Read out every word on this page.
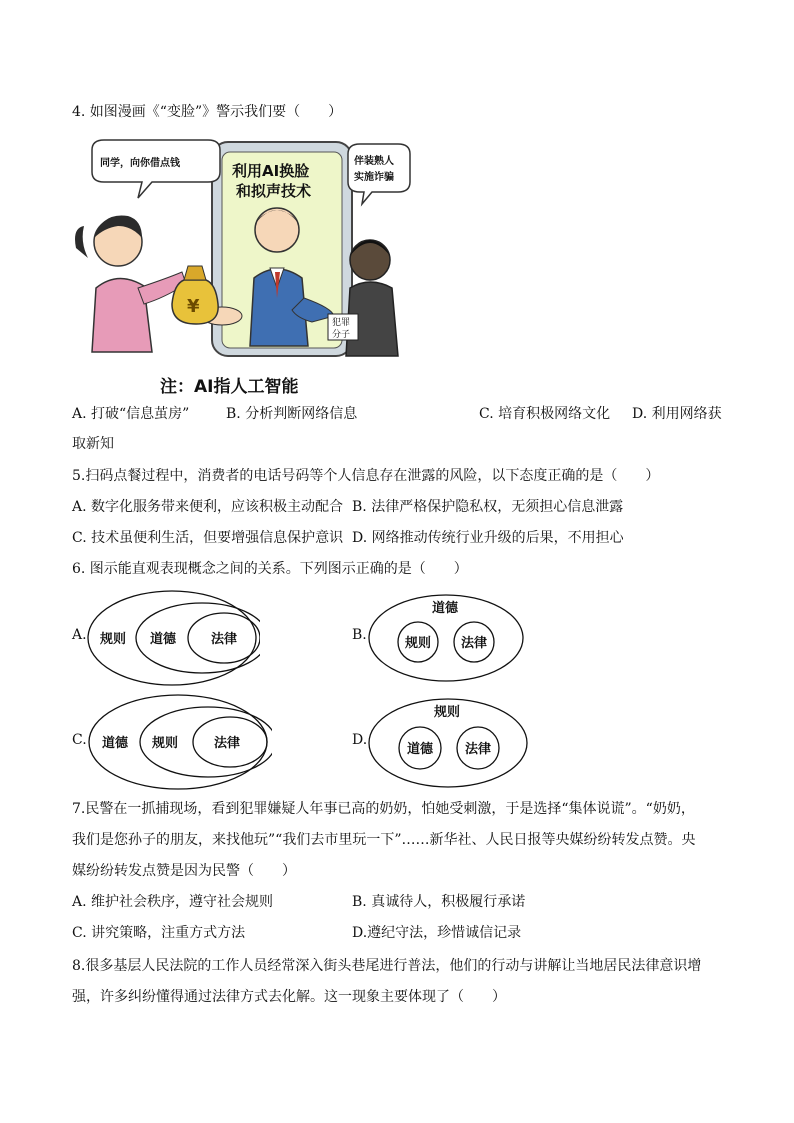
4. 如图漫画《“变脸”》警示我们要（　　）
利用AI换脸
和拟声技术
犯罪
分子
伴装熟人
实施诈骗
同学，向你借点钱
¥
注：AI指人工智能
A. 打破“信息茧房”	B. 分析判断网络信息	C. 培育积极网络文化 D. 利用网络获
取新知
5.扫码点餐过程中，消费者的电话号码等个人信息存在泄露的风险，以下态度正确的是（　　）
A. 数字化服务带来便利，应该积极主动配合 B. 法律严格保护隐私权，无须担心信息泄露
C. 技术虽便利生活，但要增强信息保护意识 D. 网络推动传统行业升级的后果，不用担心
6. 图示能直观表现概念之间的关系。下列图示正确的是（　　）
A. 规则 道德	法律	B.
道德
规则 法律
C. 道德 规则	法律	D.
规则
道德 法律
7.民警在一抓捕现场，看到犯罪嫌疑人年事已高的奶奶，怕她受刺激，于是选择“集体说谎”。“奶奶，
我们是您孙子的朋友，来找他玩”“我们去市里玩一下”……新华社、人民日报等央媒纷纷转发点赞。央
媒纷纷转发点赞是因为民警（　　）
A. 维护社会秩序，遵守社会规则	B. 真诚待人，积极履行承诺
C. 讲究策略，注重方式方法	D.遵纪守法，珍惜诚信记录
8.很多基层人民法院的工作人员经常深入街头巷尾进行普法，他们的行动与讲解让当地居民法律意识增
强，许多纠纷懂得通过法律方式去化解。这一现象主要体现了（　　）
